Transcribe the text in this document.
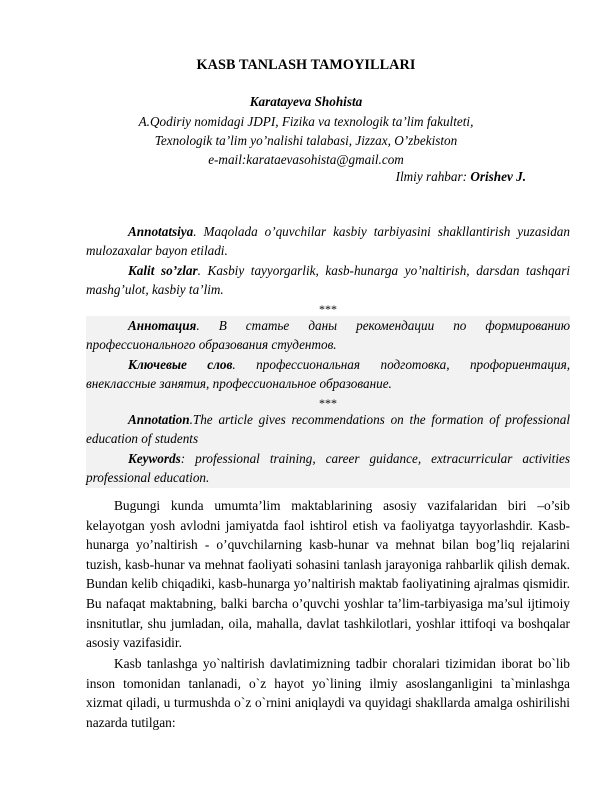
KASB TANLASH TAMOYILLARI
Karatayeva Shohista
A.Qodiriy nomidagi JDPI, Fizika va texnologik ta’lim fakulteti,
Texnologik ta’lim yo’nalishi talabasi, Jizzax, O’zbekiston
e-mail:karataevasohista@gmail.com
Ilmiy rahbar: Orishev J.

Annotatsiya. Maqolada o’quvchilar kasbiy tarbiyasini shakllantirish yuzasidan mulozaxalar bayon etiladi.

Kalit so’zlar. Kasbiy tayyorgarlik, kasb-hunarga yo’naltirish, darsdan tashqari mashg’ulot, kasbiy ta’lim.

***

Аннотация. В статье даны рекомендации по формированию профессионального образования студентов.

Ключевые слов. профессиональная подготовка, профориентация, внеклассные занятия, профессиональное образование.

***

Annotation.The article gives recommendations on the formation of professional education of students

Keywords: professional training, career guidance, extracurricular activities professional education.

Bugungi kunda umumta’lim maktablarining asosiy vazifalaridan biri –o’sib kelayotgan yosh avlodni jamiyatda faol ishtirol etish va faoliyatga tayyorlashdir. Kasb-hunarga yo’naltirish - o’quvchilarning kasb-hunar va mehnat bilan bog’liq rejalarini tuzish, kasb-hunar va mehnat faoliyati sohasini tanlash jarayoniga rahbarlik qilish demak. Bundan kelib chiqadiki, kasb-hunarga yo’naltirish maktab faoliyatining ajralmas qismidir. Bu nafaqat maktabning, balki barcha o’quvchi yoshlar ta’lim-tarbiyasiga ma’sul ijtimoiy insnitutlar, shu jumladan, oila, mahalla, davlat tashkilotlari, yoshlar ittifoqi va boshqalar asosiy vazifasidir.

Kasb tanlashga yo`naltirish davlatimizning tadbir choralari tizimidan iborat bo`lib inson tomonidan tanlanadi, o`z hayot yo`lining ilmiy asoslanganligini ta`minlashga xizmat qiladi, u turmushda o`z o`rnini aniqlaydi va quyidagi shakllarda amalga oshirilishi nazarda tutilgan:
